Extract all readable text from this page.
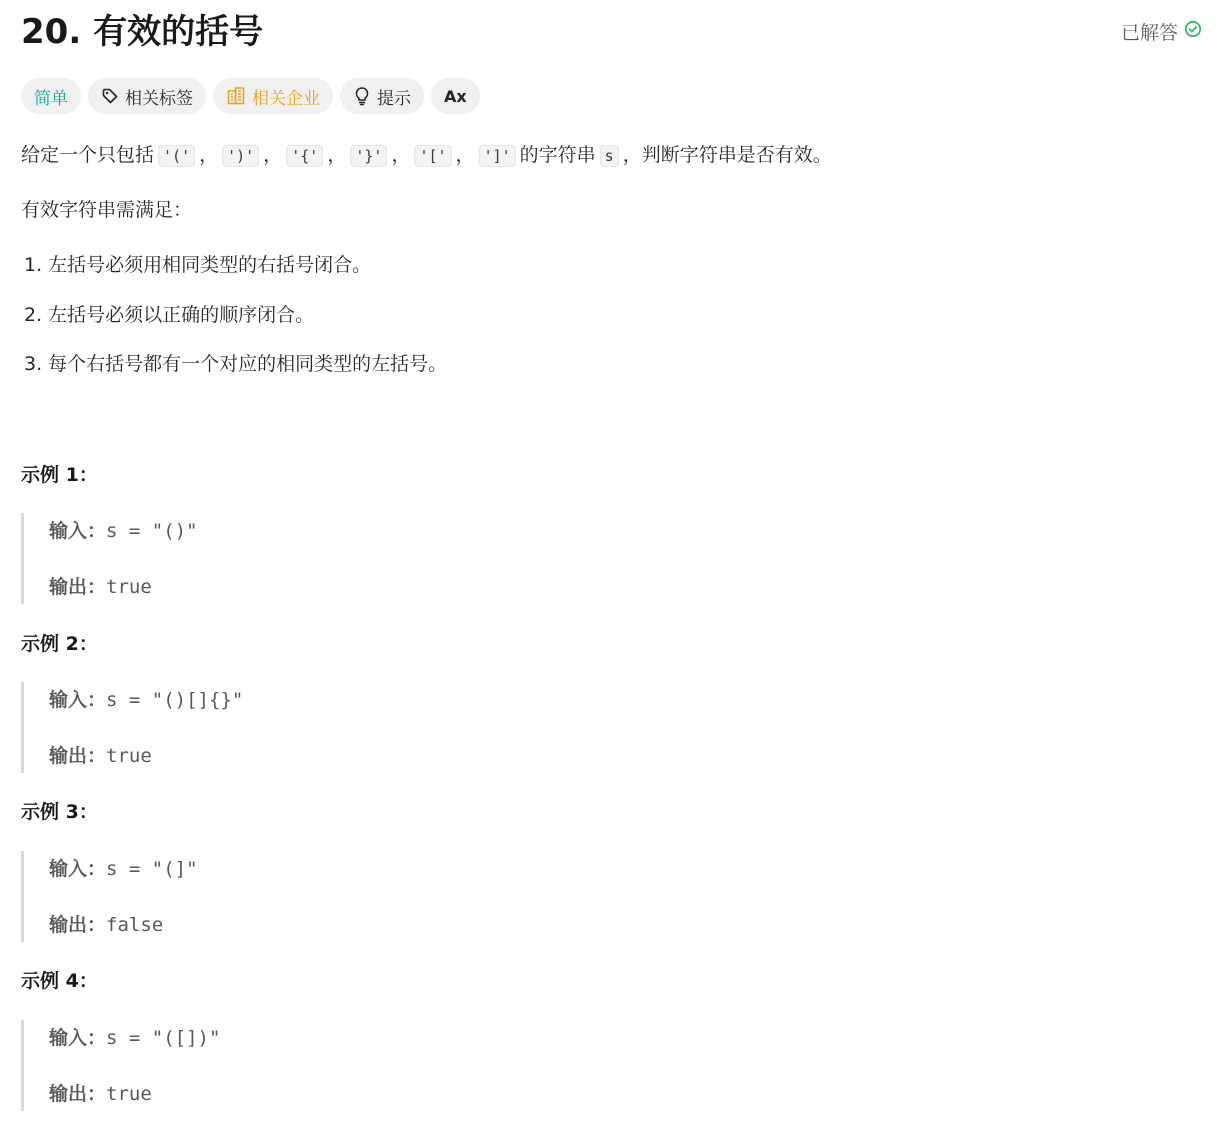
20. 有效的括号	已解答
简单	相关标签	相关企业	提示 Ax
给定一个只包括 '(' ， ')' ， '{' ， '}' ， '[' ， ']' 的字符串 s ，判断字符串是否有效。
有效字符串需满足：
1. 左括号必须用相同类型的右括号闭合。
2. 左括号必须以正确的顺序闭合。
3. 每个右括号都有一个对应的相同类型的左括号。
示例 1：
输入：s = "()"
输出：true
示例 2：
输入：s = "()[]{}"
输出：true
示例 3：
输入：s = "(]"
输出：false
示例 4：
输入：s = "([])"
输出：true
